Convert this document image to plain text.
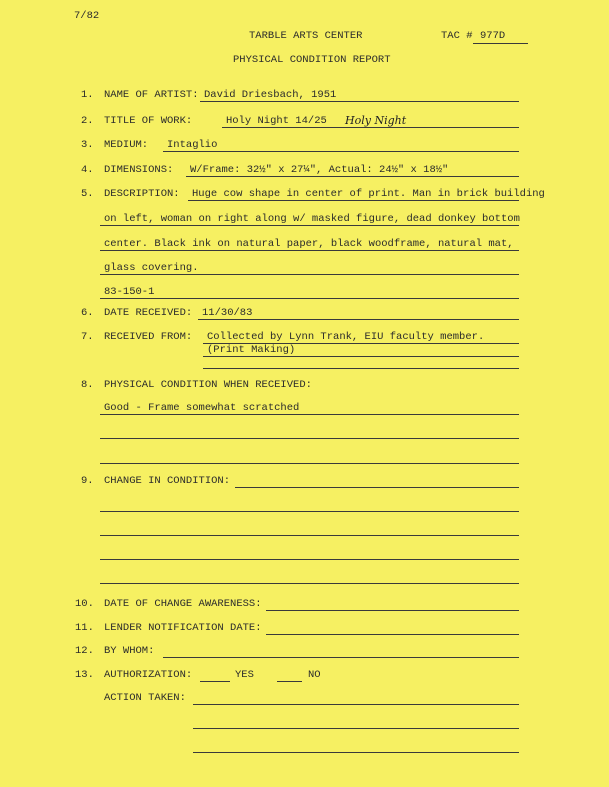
7/82
TARBLE ARTS CENTER	TAC # 977D
PHYSICAL CONDITION REPORT
1. NAME OF ARTIST: David Driesbach, 1951
2. TITLE OF WORK:	Holy Night 14/25 Holy Night
3. MEDIUM: Intaglio
4. DIMENSIONS: W/Frame: 32½" x 27¼", Actual: 24½" x 18½"
5. DESCRIPTION: Huge cow shape in center of print. Man in brick building
on left, woman on right along w/ masked figure, dead donkey bottom
center. Black ink on natural paper, black woodframe, natural mat,
glass covering.
83-150-1
6. DATE RECEIVED: 11/30/83
7. RECEIVED FROM: Collected by Lynn Trank, EIU faculty member.
(Print Making)
8. PHYSICAL CONDITION WHEN RECEIVED:
Good - Frame somewhat scratched
9. CHANGE IN CONDITION:
10. DATE OF CHANGE AWARENESS:
11. LENDER NOTIFICATION DATE:
12. BY WHOM:
13. AUTHORIZATION:	YES	NO
ACTION TAKEN:
